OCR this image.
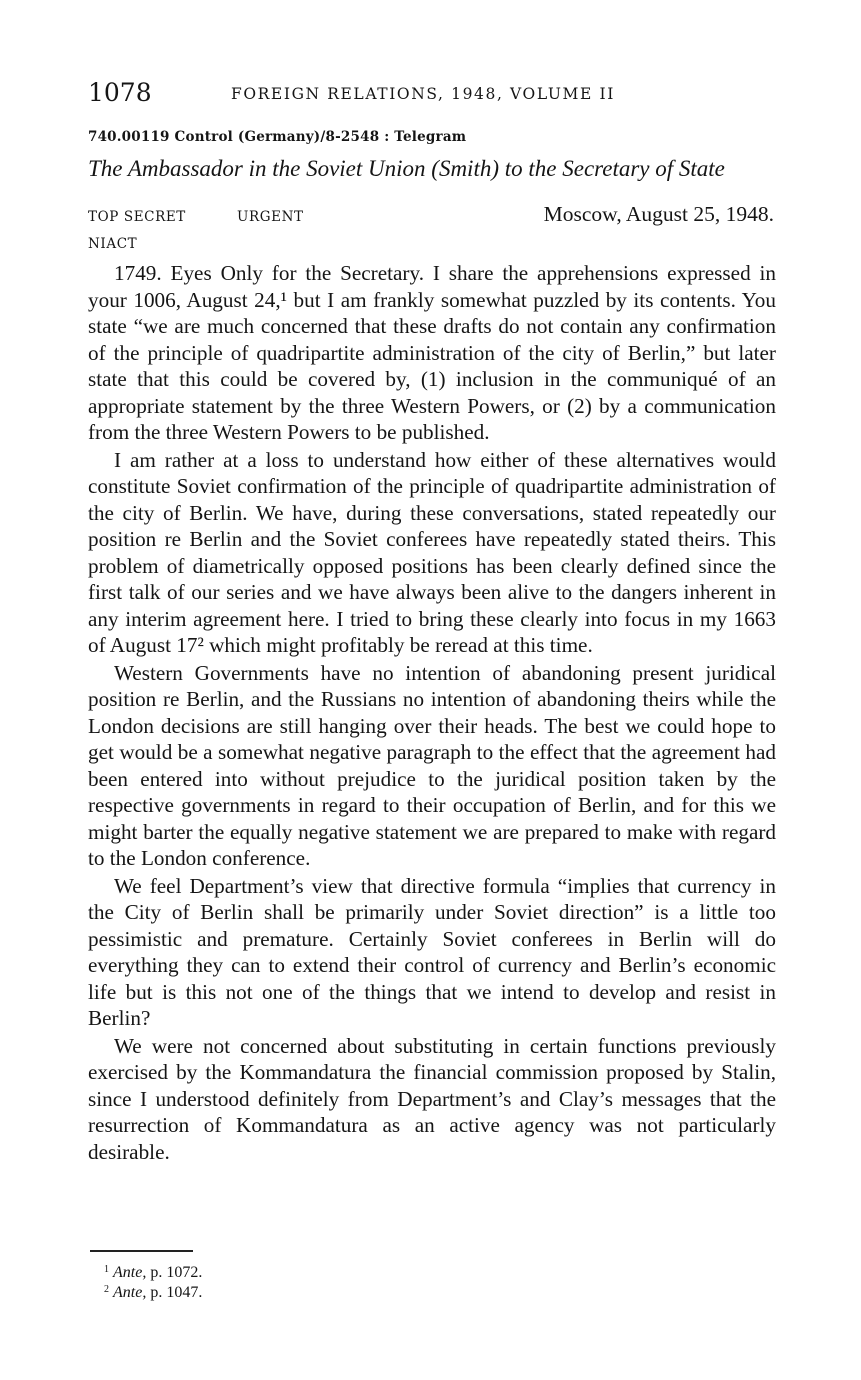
1078	FOREIGN RELATIONS, 1948, VOLUME II
740.00119 Control (Germany)/8-2548 : Telegram
The Ambassador in the Soviet Union (Smith) to the Secretary of State
TOP SECRET	URGENT	Moscow, August 25, 1948.
NIACT

1749. Eyes Only for the Secretary. I share the apprehensions expressed in your 1006, August 24,¹ but I am frankly somewhat puzzled by its contents. You state “we are much concerned that these drafts do not contain any confirmation of the principle of quadripartite administration of the city of Berlin,” but later state that this could be covered by, (1) inclusion in the communiqué of an appropriate statement by the three Western Powers, or (2) by a communication from the three Western Powers to be published.

I am rather at a loss to understand how either of these alternatives would constitute Soviet confirmation of the principle of quadripartite administration of the city of Berlin. We have, during these conversations, stated repeatedly our position re Berlin and the Soviet conferees have repeatedly stated theirs. This problem of diametrically opposed positions has been clearly defined since the first talk of our series and we have always been alive to the dangers inherent in any interim agreement here. I tried to bring these clearly into focus in my 1663 of August 17² which might profitably be reread at this time.

Western Governments have no intention of abandoning present juridical position re Berlin, and the Russians no intention of abandoning theirs while the London decisions are still hanging over their heads. The best we could hope to get would be a somewhat negative paragraph to the effect that the agreement had been entered into without prejudice to the juridical position taken by the respective governments in regard to their occupation of Berlin, and for this we might barter the equally negative statement we are prepared to make with regard to the London conference.

We feel Department’s view that directive formula “implies that currency in the City of Berlin shall be primarily under Soviet direction” is a little too pessimistic and premature. Certainly Soviet conferees in Berlin will do everything they can to extend their control of currency and Berlin’s economic life but is this not one of the things that we intend to develop and resist in Berlin?

We were not concerned about substituting in certain functions previously exercised by the Kommandatura the financial commission proposed by Stalin, since I understood definitely from Department’s and Clay’s messages that the resurrection of Kommandatura as an active agency was not particularly desirable.

$^1$ Ante, p. 1072.
$^2$ Ante, p. 1047.
